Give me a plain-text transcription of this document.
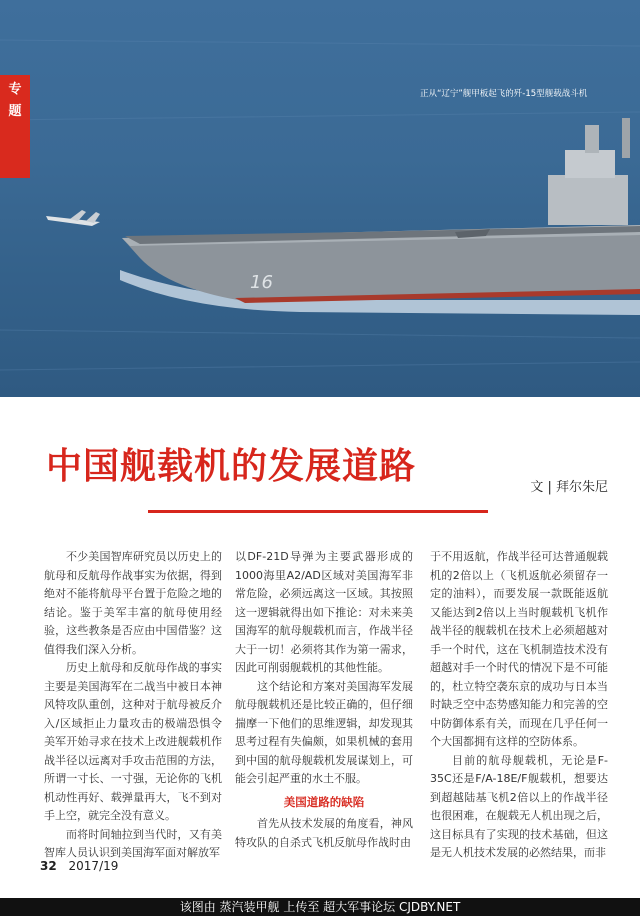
16
正从“辽宁”舰甲板起飞的歼-15型舰载战斗机
专
题
中国舰载机的发展道路
文 | 拜尔朱尼

不少美国智库研究员以历史上的航母和反航母作战事实为依据，得到绝对不能将航母平台置于危险之地的结论。鉴于美军丰富的航母使用经验，这些教条是否应由中国借鉴？这值得我们深入分析。

历史上航母和反航母作战的事实主要是美国海军在二战当中被日本神风特攻队重创，这种对于航母被反介入/区域拒止力量攻击的极端恐惧令美军开始寻求在技术上改进舰载机作战半径以远离对手攻击范围的方法，所谓一寸长、一寸强，无论你的飞机机动性再好、载弹量再大，飞不到对手上空，就完全没有意义。

而将时间轴拉到当代时，又有美智库人员认识到美国海军面对解放军

以DF-21D导弹为主要武器形成的1000海里A2/AD区域对美国海军非常危险，必须远离这一区域。其按照这一逻辑就得出如下推论：对未来美国海军的航母舰载机而言，作战半径大于一切！必须将其作为第一需求，因此可削弱舰载机的其他性能。

这个结论和方案对美国海军发展航母舰载机还是比较正确的，但仔细揣摩一下他们的思维逻辑，却发现其思考过程有失偏颇，如果机械的套用到中国的航母舰载机发展谋划上，可能会引起严重的水土不服。

美国道路的缺陷

首先从技术发展的角度看，神风特攻队的自杀式飞机反航母作战时由

于不用返航，作战半径可达普通舰载机的2倍以上（飞机返航必须留存一定的油料），而要发展一款既能返航又能达到2倍以上当时舰载机飞机作战半径的舰载机在技术上必须超越对手一个时代，这在飞机制造技术没有超越对手一个时代的情况下是不可能的，杜立特空袭东京的成功与日本当时缺乏空中态势感知能力和完善的空中防御体系有关，而现在几乎任何一个大国都拥有这样的空防体系。

目前的航母舰载机，无论是F-35C还是F/A-18E/F舰载机，想要达到超越陆基飞机2倍以上的作战半径也很困难，在舰载无人机出现之后，这目标具有了实现的技术基础，但这是无人机技术发展的必然结果，而非

32 2017/19
该图由 蒸汽装甲舰 上传至 超大军事论坛 CJDBY.NET
